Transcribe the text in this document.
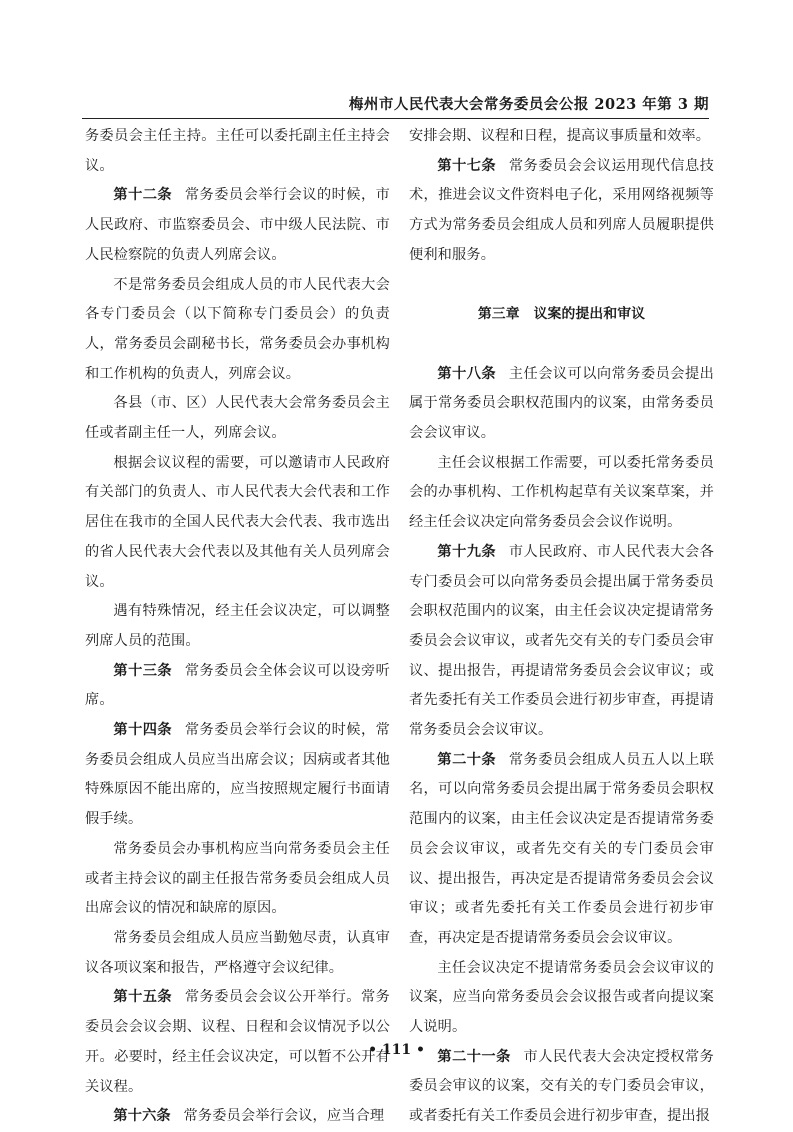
梅州市人民代表大会常务委员会公报 2023 年第 3 期

务委员会主任主持。主任可以委托副主任主持会议。

第十二条 常务委员会举行会议的时候，市人民政府、市监察委员会、市中级人民法院、市人民检察院的负责人列席会议。

不是常务委员会组成人员的市人民代表大会各专门委员会（以下简称专门委员会）的负责人，常务委员会副秘书长，常务委员会办事机构和工作机构的负责人，列席会议。

各县（市、区）人民代表大会常务委员会主任或者副主任一人，列席会议。

根据会议议程的需要，可以邀请市人民政府有关部门的负责人、市人民代表大会代表和工作居住在我市的全国人民代表大会代表、我市选出的省人民代表大会代表以及其他有关人员列席会议。

遇有特殊情况，经主任会议决定，可以调整列席人员的范围。

第十三条 常务委员会全体会议可以设旁听席。

第十四条 常务委员会举行会议的时候，常务委员会组成人员应当出席会议；因病或者其他特殊原因不能出席的，应当按照规定履行书面请假手续。

常务委员会办事机构应当向常务委员会主任或者主持会议的副主任报告常务委员会组成人员出席会议的情况和缺席的原因。

常务委员会组成人员应当勤勉尽责，认真审议各项议案和报告，严格遵守会议纪律。

第十五条 常务委员会会议公开举行。常务委员会会议会期、议程、日程和会议情况予以公开。必要时，经主任会议决定，可以暂不公开有关议程。

第十六条 常务委员会举行会议，应当合理

安排会期、议程和日程，提高议事质量和效率。

第十七条 常务委员会会议运用现代信息技术，推进会议文件资料电子化，采用网络视频等方式为常务委员会组成人员和列席人员履职提供便利和服务。

第三章　议案的提出和审议

第十八条 主任会议可以向常务委员会提出属于常务委员会职权范围内的议案，由常务委员会会议审议。

主任会议根据工作需要，可以委托常务委员会的办事机构、工作机构起草有关议案草案，并经主任会议决定向常务委员会会议作说明。

第十九条 市人民政府、市人民代表大会各专门委员会可以向常务委员会提出属于常务委员会职权范围内的议案，由主任会议决定提请常务委员会会议审议，或者先交有关的专门委员会审议、提出报告，再提请常务委员会会议审议；或者先委托有关工作委员会进行初步审查，再提请常务委员会会议审议。

第二十条 常务委员会组成人员五人以上联名，可以向常务委员会提出属于常务委员会职权范围内的议案，由主任会议决定是否提请常务委员会会议审议，或者先交有关的专门委员会审议、提出报告，再决定是否提请常务委员会会议审议；或者先委托有关工作委员会进行初步审查，再决定是否提请常务委员会会议审议。

主任会议决定不提请常务委员会会议审议的议案，应当向常务委员会会议报告或者向提议案人说明。

第二十一条 市人民代表大会决定授权常务委员会审议的议案，交有关的专门委员会审议，或者委托有关工作委员会进行初步审查，提出报

• 111 •
